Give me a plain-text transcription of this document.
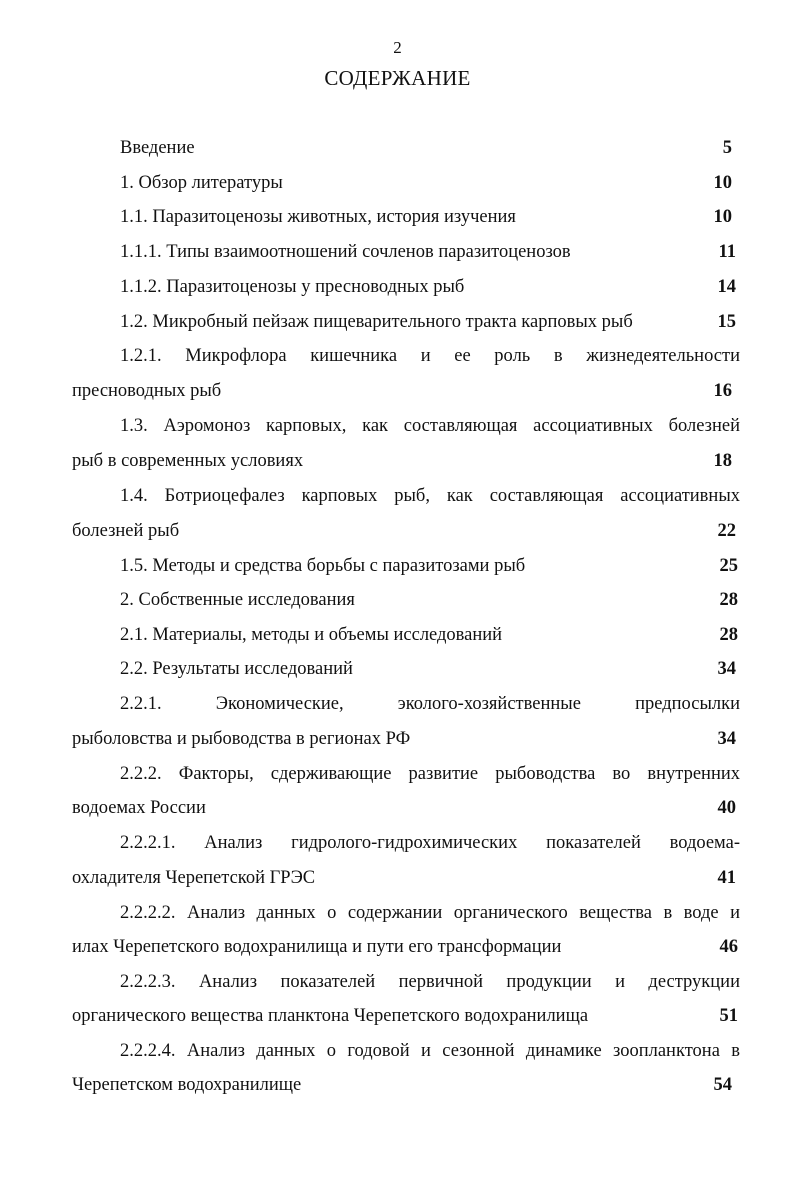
2
СОДЕРЖАНИЕ
Введение	5
1. Обзор литературы	10
1.1. Паразитоценозы животных, история изучения	10
1.1.1. Типы взаимоотношений сочленов паразитоценозов	11
1.1.2. Паразитоценозы у пресноводных рыб	14
1.2. Микробный пейзаж пищеварительного тракта карповых рыб	15
1.2.1. Микрофлора кишечника и ее роль в жизнедеятельности
пресноводных рыб	16
1.3. Аэромоноз карповых, как составляющая ассоциативных болезней
рыб в современных условиях	18
1.4. Ботриоцефалез карповых рыб, как составляющая ассоциативных
болезней рыб	22
1.5. Методы и средства борьбы с паразитозами рыб	25
2. Собственные исследования	28
2.1. Материалы, методы и объемы исследований	28
2.2. Результаты исследований	34
2.2.1. Экономические, эколого-хозяйственные предпосылки
рыболовства и рыбоводства в регионах РФ	34
2.2.2. Факторы, сдерживающие развитие рыбоводства во внутренних
водоемах России	40
2.2.2.1. Анализ гидролого-гидрохимических показателей водоема-
охладителя Черепетской ГРЭС	41
2.2.2.2. Анализ данных о содержании органического вещества в воде и
илах Черепетского водохранилища и пути его трансформации	46
2.2.2.3. Анализ показателей первичной продукции и деструкции
органического вещества планктона Черепетского водохранилища	51
2.2.2.4. Анализ данных о годовой и сезонной динамике зоопланктона в
Черепетском водохранилище	54
